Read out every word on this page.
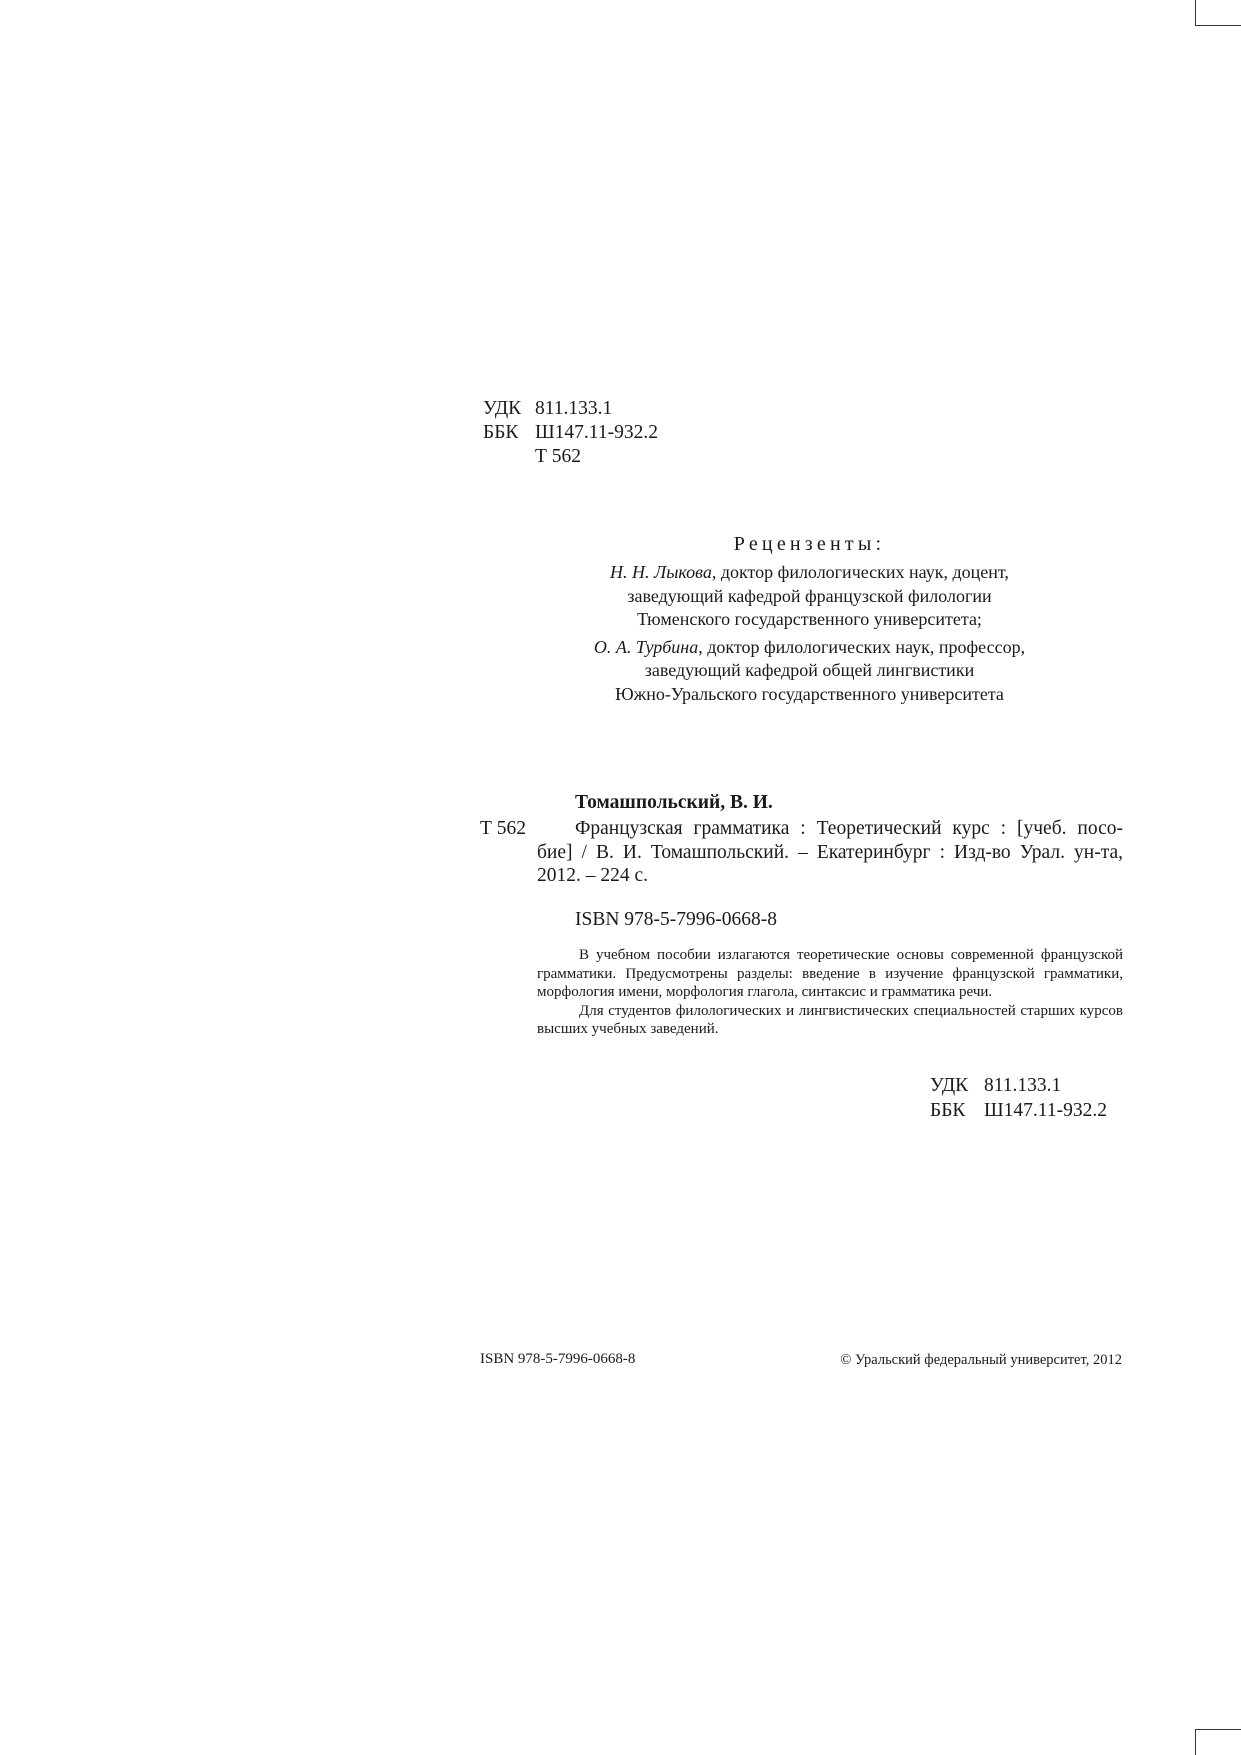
УДК 811.133.1
ББК Ш147.11-932.2
Т 562
Рецензенты:
Н. Н. Лыкова, доктор филологических наук, доцент,
заведующий кафедрой французской филологии
Тюменского государственного университета;
О. А. Турбина, доктор филологических наук, профессор,
заведующий кафедрой общей лингвистики
Южно-Уральского государственного университета
Томашпольский, В. И.
Т 562	Французская грамматика : Теоретический курс : [учеб. посо-
бие] / В. И. Томашпольский. – Екатеринбург : Изд-во Урал. ун-та,
2012. – 224 с.
ISBN 978-5-7996-0668-8

В учебном пособии излагаются теоретические основы современной французской грамматики. Предусмотрены разделы: введение в изучение французской грамматики, морфология имени, морфология глагола, синтаксис и грамматика речи.

Для студентов филологических и лингвистических специальностей старших курсов высших учебных заведений.

УДК 811.133.1
ББК Ш147.11-932.2
ISBN 978-5-7996-0668-8	© Уральский федеральный университет, 2012
